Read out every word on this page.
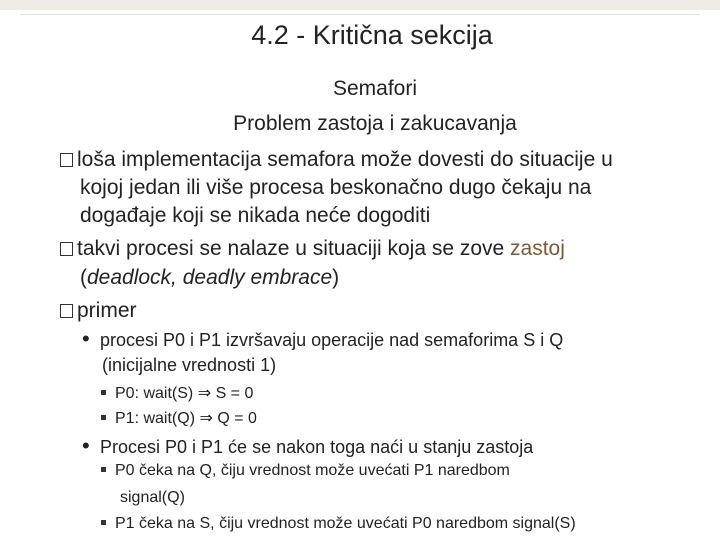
4.2 - Kritična sekcija
Semafori
Problem zastoja i zakucavanja
loša implementacija semafora može dovesti do situacije u
kojoj jedan ili više procesa beskonačno dugo čekaju na
događaje koji se nikada neće dogoditi
takvi procesi se nalaze u situaciji koja se zove zastoj
(deadlock, deadly embrace)
primer
• procesi P0 i P1 izvršavaju operacije nad semaforima S i Q
(inicijalne vrednosti 1)
P0: wait(S) ⇒ S = 0
P1: wait(Q) ⇒ Q = 0
• Procesi P0 i P1 će se nakon toga naći u stanju zastoja
P0 čeka na Q, čiju vrednost može uvećati P1 naredbom
signal(Q)
P1 čeka na S, čiju vrednost može uvećati P0 naredbom signal(S)
